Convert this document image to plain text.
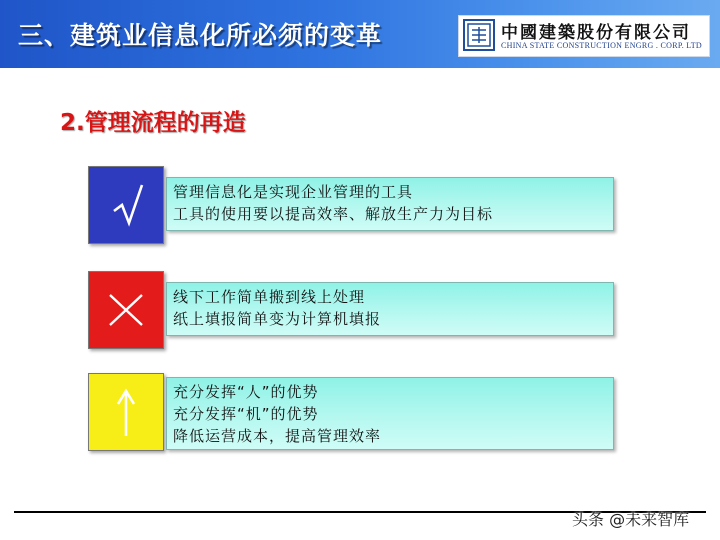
三、建筑业信息化所必须的变革	中國建築股份有限公司
CHINA STATE CONSTRUCTION ENGRG . CORP. LTD
2.管理流程的再造
管理信息化是实现企业管理的工具
工具的使用要以提高效率、解放生产力为目标
线下工作简单搬到线上处理
纸上填报简单变为计算机填报
充分发挥“人”的优势
充分发挥“机”的优势
降低运营成本，提高管理效率
头条 @未来智库
